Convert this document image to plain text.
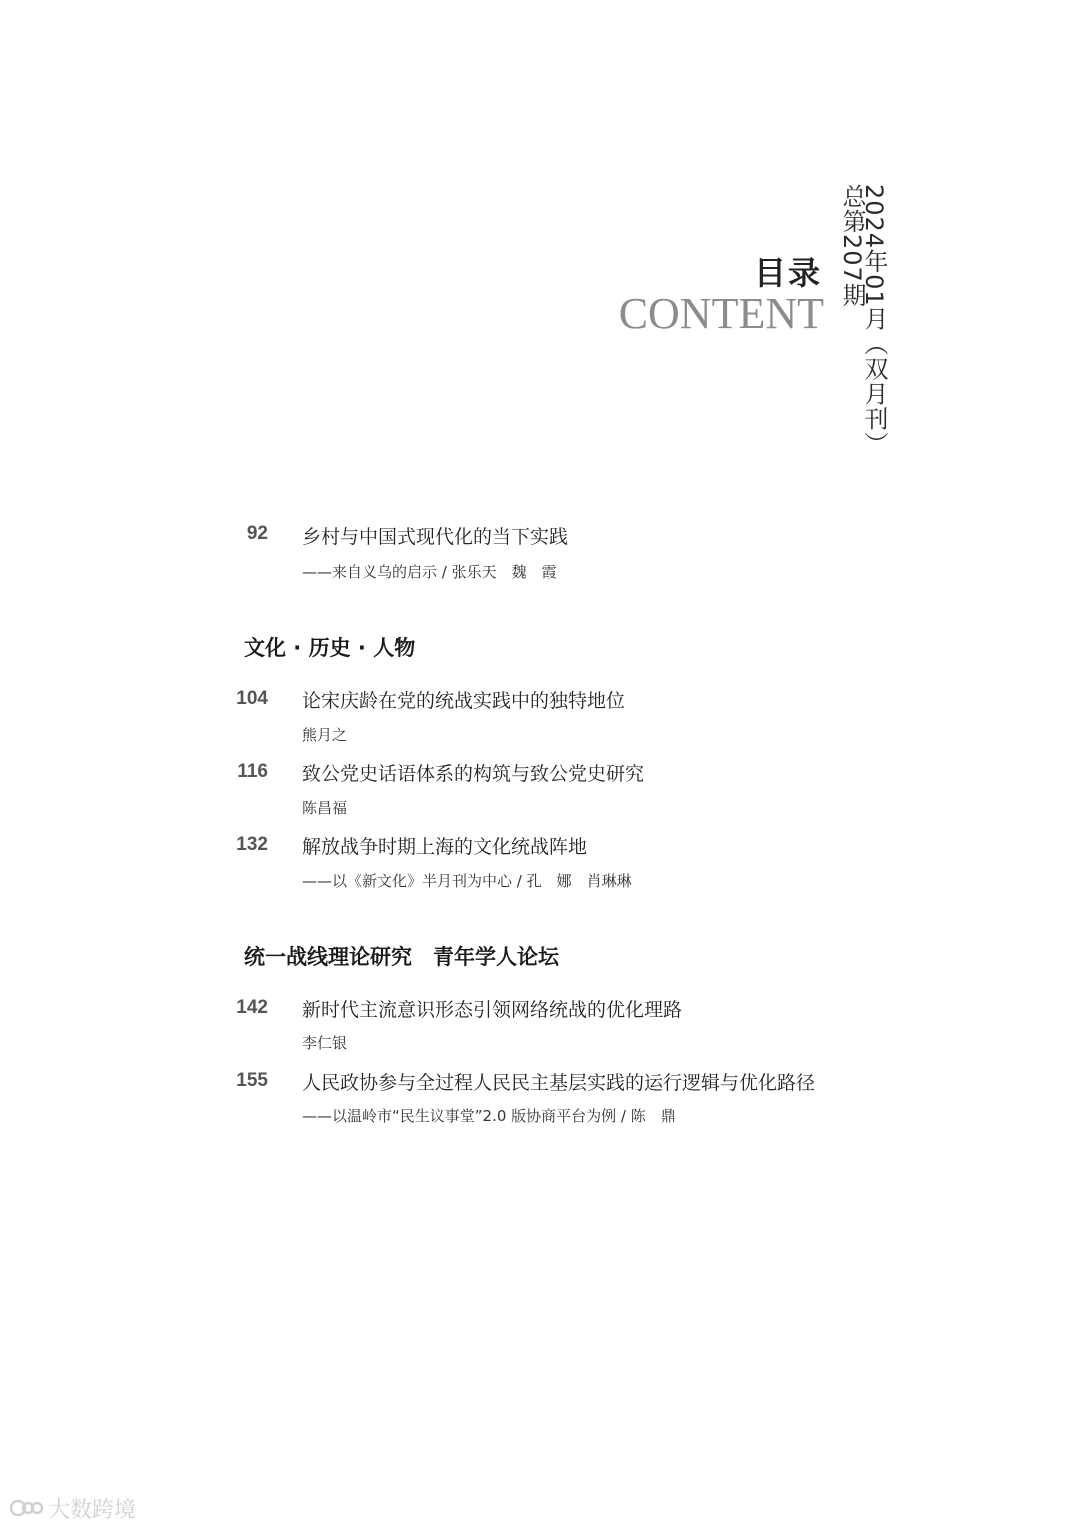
2024年01月（双月刊）
总第207期
目录
CONTENT
92 乡村与中国式现代化的当下实践
——来自义乌的启示 / 张乐天　魏　霞
文化 · 历史 · 人物
104 论宋庆龄在党的统战实践中的独特地位
熊月之
116 致公党史话语体系的构筑与致公党史研究
陈昌福
132 解放战争时期上海的文化统战阵地
——以《新文化》半月刊为中心 / 孔　娜　肖琳琳
统一战线理论研究　青年学人论坛
142 新时代主流意识形态引领网络统战的优化理路
李仁银
155 人民政协参与全过程人民民主基层实践的运行逻辑与优化路径
——以温岭市“民生议事堂”2.0 版协商平台为例 / 陈　鼎
大数跨境
